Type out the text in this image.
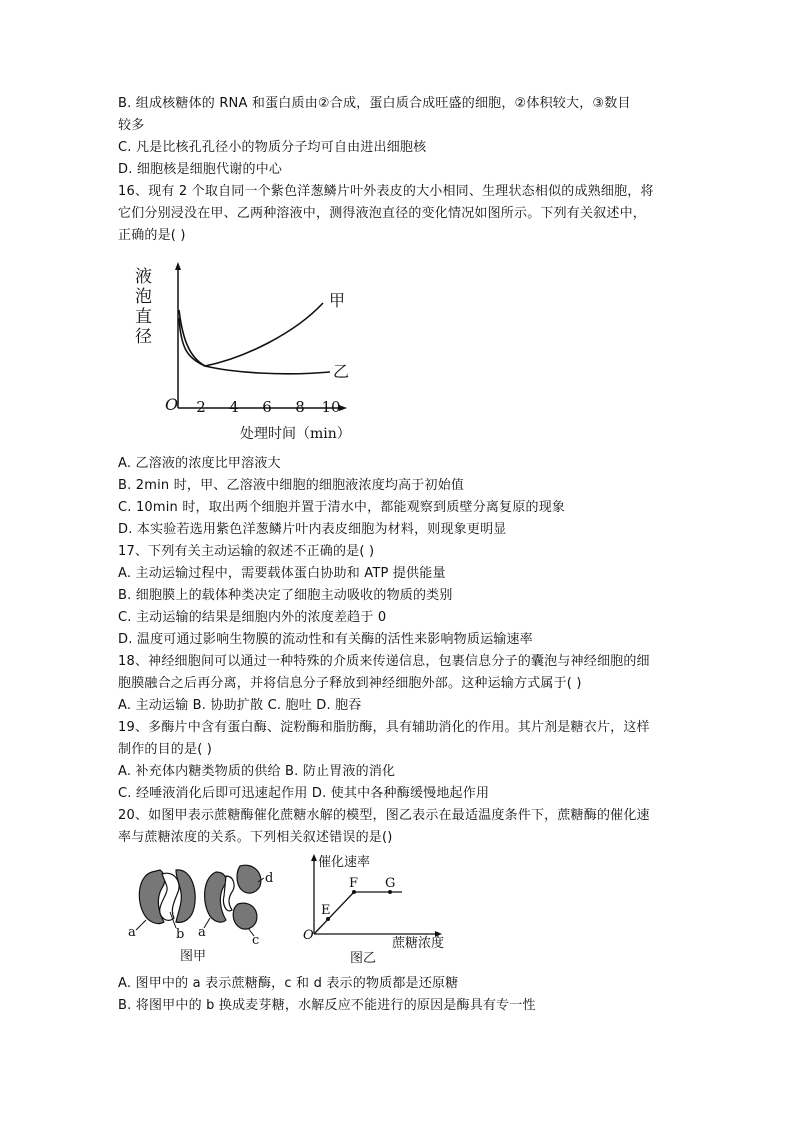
B. 组成核糖体的 RNA 和蛋白质由②合成，蛋白质合成旺盛的细胞，②体积较大，③数目
较多
C. 凡是比核孔孔径小的物质分子均可自由进出细胞核
D. 细胞核是细胞代谢的中心
16、现有 2 个取自同一个紫色洋葱鳞片叶外表皮的大小相同、生理状态相似的成熟细胞，将
它们分别浸没在甲、乙两种溶液中，测得液泡直径的变化情况如图所示。下列有关叙述中，
正确的是( )
液
泡
直
径
O 2 4 6 8 10
甲
乙
处理时间（min）
A. 乙溶液的浓度比甲溶液大
B. 2min 时，甲、乙溶液中细胞的细胞液浓度均高于初始值
C. 10min 时，取出两个细胞并置于清水中，都能观察到质壁分离复原的现象
D. 本实验若选用紫色洋葱鳞片叶内表皮细胞为材料，则现象更明显
17、下列有关主动运输的叙述不正确的是( )
A. 主动运输过程中，需要载体蛋白协助和 ATP 提供能量
B. 细胞膜上的载体种类决定了细胞主动吸收的物质的类别
C. 主动运输的结果是细胞内外的浓度差趋于 0
D. 温度可通过影响生物膜的流动性和有关酶的活性来影响物质运输速率
18、神经细胞间可以通过一种特殊的介质来传递信息，包裹信息分子的囊泡与神经细胞的细
胞膜融合之后再分离，并将信息分子释放到神经细胞外部。这种运输方式属于( )
A. 主动运输 B. 协助扩散 C. 胞吐 D. 胞吞
19、多酶片中含有蛋白酶、淀粉酶和脂肪酶，具有辅助消化的作用。其片剂是糖衣片，这样
制作的目的是( )
A. 补充体内糖类物质的供给 B. 防止胃液的消化
C. 经唾液消化后即可迅速起作用 D. 使其中各种酶缓慢地起作用
20、如图甲表示蔗糖酶催化蔗糖水解的模型，图乙表示在最适温度条件下，蔗糖酶的催化速
率与蔗糖浓度的关系。下列相关叙述错误的是()
a	b a
d
c
图甲
催化速率
O
E
F G
蔗糖浓度
图乙
A. 图甲中的 a 表示蔗糖酶，c 和 d 表示的物质都是还原糖
B. 将图甲中的 b 换成麦芽糖，水解反应不能进行的原因是酶具有专一性
